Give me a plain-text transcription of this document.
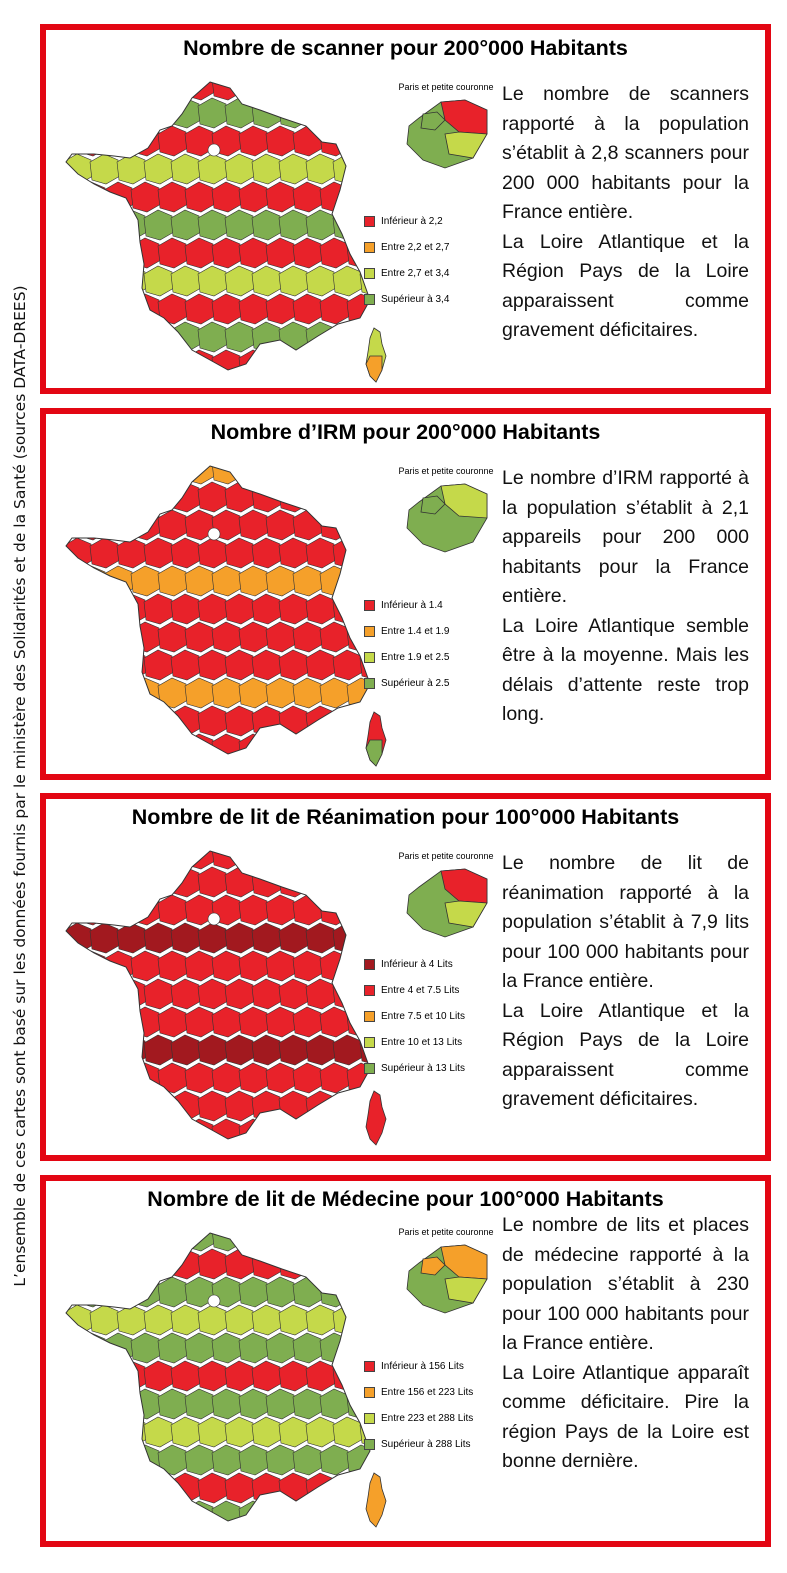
L’ensemble de ces cartes sont basé sur les données fournis par le ministère des Solidarités et de la Santé (sources DATA-DREES)
Nombre de scanner pour 200°000 Habitants
Paris et petite couronne
Inférieur à 2,2
Entre 2,2 et 2,7
Entre 2,7 et 3,4
Supérieur à 3,4

Le nombre de scanners rapporté à la population s’établit à 2,8 scanners pour 200 000 habitants pour la France entière.

La Loire Atlantique et la Région Pays de la Loire apparaissent comme gravement déficitaires.

Nombre d’IRM pour 200°000 Habitants
Paris et petite couronne
Inférieur à 1.4
Entre 1.4 et 1.9
Entre 1.9 et 2.5
Supérieur à 2.5

Le nombre d’IRM rapporté à la population s’établit à 2,1 appareils pour 200 000 habitants pour la France entière.

La Loire Atlantique semble être à la moyenne. Mais les délais d’attente reste trop long.

Nombre de lit de Réanimation pour 100°000 Habitants
Paris et petite couronne
Inférieur à 4 Lits
Entre 4 et 7.5 Lits
Entre 7.5 et 10 Lits
Entre 10 et 13 Lits
Supérieur à 13 Lits

Le nombre de lit de réanimation rapporté à la population s’établit à 7,9 lits pour 100 000 habitants pour la France entière.

La Loire Atlantique et la Région Pays de la Loire apparaissent comme gravement déficitaires.

Nombre de lit de Médecine pour 100°000 Habitants
Paris et petite couronne
Inférieur à 156 Lits
Entre 156 et 223 Lits
Entre 223 et 288 Lits
Supérieur à 288 Lits

Le nombre de lits et places de médecine rapporté à la population s’établit à 230 pour 100 000 habitants pour la France entière.

La Loire Atlantique apparaît comme déficitaire. Pire la région Pays de la Loire est bonne dernière.
